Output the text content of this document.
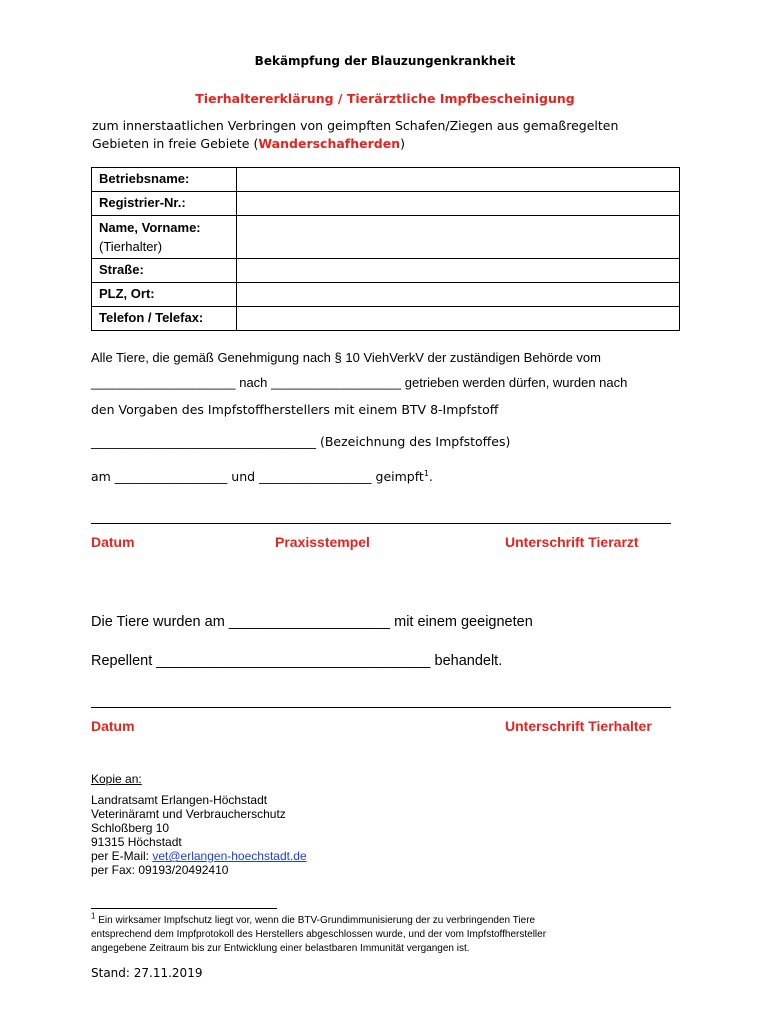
Bekämpfung der Blauzungenkrankheit
Tierhaltererklärung / Tierärztliche Impfbescheinigung
zum innerstaatlichen Verbringen von geimpften Schafen/Ziegen aus gemaßregelten
Gebieten in freie Gebiete (Wanderschafherden)
Betriebsname:	
Registrier-Nr.:	

Name, Vorname:
(Tierhalter)	

Straße:	
PLZ, Ort:	
Telefon / Telefax:	
Alle Tiere, die gemäß Genehmigung nach § 10 ViehVerkV der zuständigen Behörde vom
____________________ nach __________________ getrieben werden dürfen, wurden nach
den Vorgaben des Impfstoffherstellers mit einem BTV 8-Impfstoff
____________________________________ (Bezeichnung des Impfstoffes)
am __________________ und __________________ geimpft$^1$.
Datum	Praxisstempel	Unterschrift Tierarzt
Die Tiere wurden am ____________________ mit einem geeigneten
Repellent __________________________________ behandelt.
Datum	Unterschrift Tierhalter
Kopie an:
Landratsamt Erlangen-Höchstadt
Veterinäramt und Verbraucherschutz
Schloßberg 10
91315 Höchstadt
per E-Mail: vet@erlangen-hoechstadt.de
per Fax: 09193/20492410
$^1$ Ein wirksamer Impfschutz liegt vor, wenn die BTV-Grundimmunisierung der zu verbringenden Tiere
entsprechend dem Impfprotokoll des Herstellers abgeschlossen wurde, und der vom Impfstoffhersteller
angegebene Zeitraum bis zur Entwicklung einer belastbaren Immunität vergangen ist.
Stand: 27.11.2019
